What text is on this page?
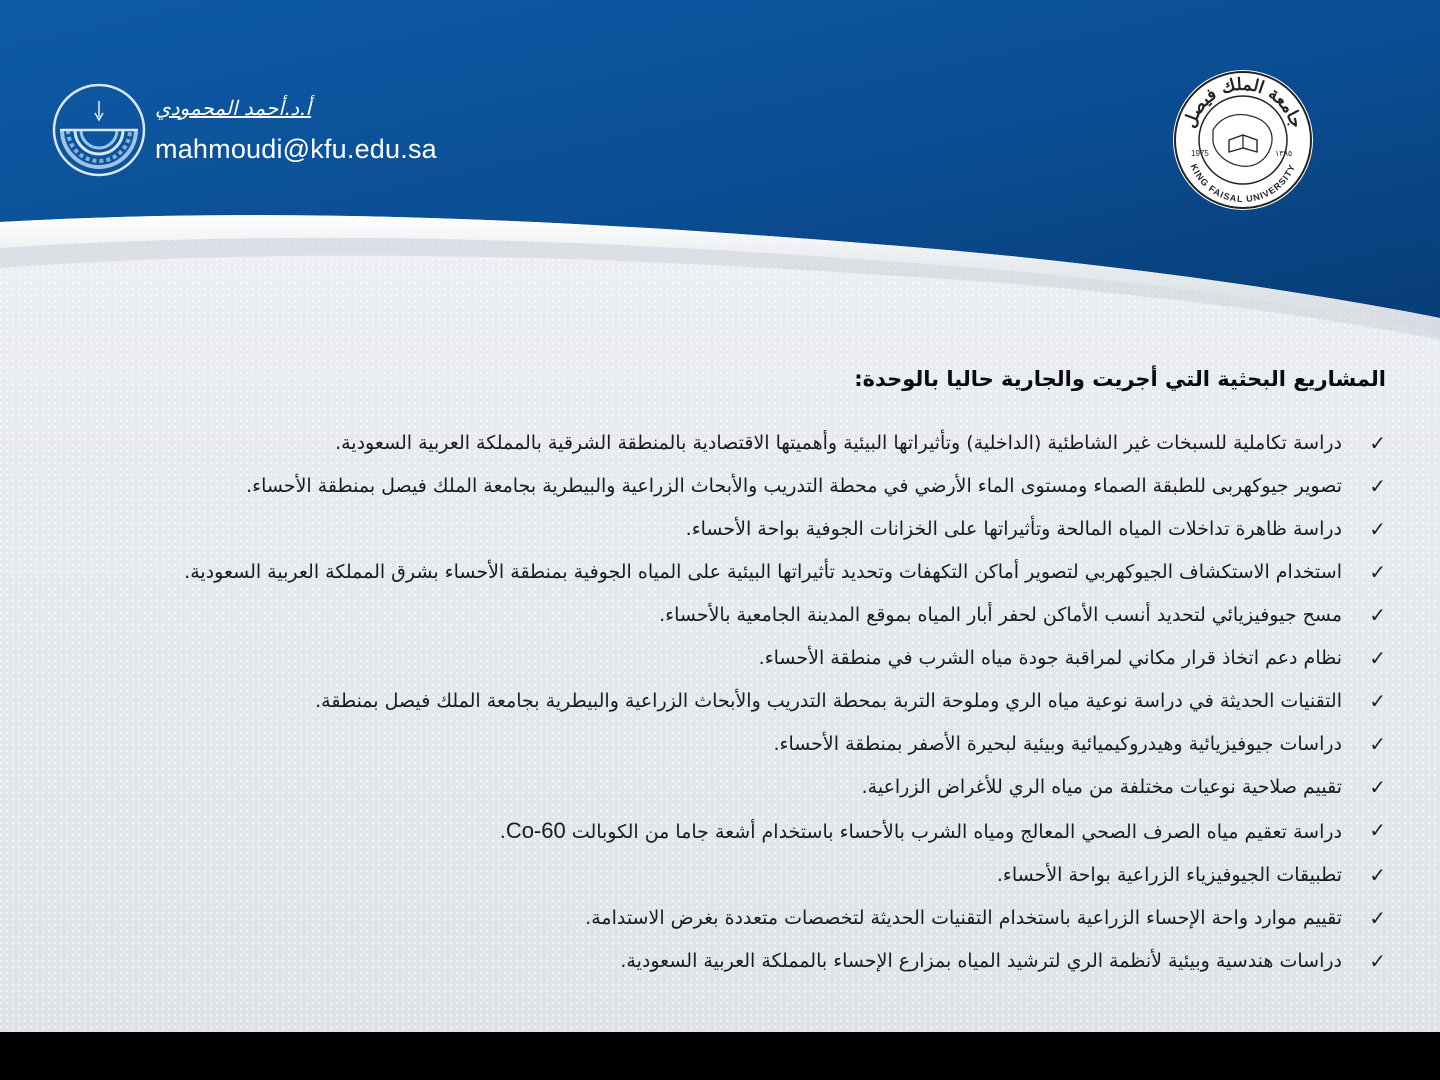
أ.د.أحمد المحمودي
mahmoudi@kfu.edu.sa
جامعة الملك فيصل
KING FAISAL UNIVERSITY
1975	١٣٩٥
المشاريع البحثية التي أجريت والجارية حاليا بالوحدة:
✓
دراسة تكاملية للسبخات غير الشاطئية (الداخلية) وتأثيراتها البيئية وأهميتها الاقتصادية بالمنطقة الشرقية بالمملكة العربية السعودية.
✓
تصوير جيوكهربى للطبقة الصماء ومستوى الماء الأرضي في محطة التدريب والأبحاث الزراعية والبيطرية بجامعة الملك فيصل بمنطقة الأحساء.
✓
دراسة ظاهرة تداخلات المياه المالحة وتأثيراتها على الخزانات الجوفية بواحة الأحساء.
✓
استخدام الاستكشاف الجيوكهربي لتصوير أماكن التكهفات وتحديد تأثيراتها البيئية على المياه الجوفية بمنطقة الأحساء بشرق المملكة العربية السعودية.
✓
مسح جيوفيزيائي لتحديد أنسب الأماكن لحفر أبار المياه بموقع المدينة الجامعية بالأحساء.
✓
نظام دعم اتخاذ قرار مكاني لمراقبة جودة مياه الشرب في منطقة الأحساء.
✓
التقنيات الحديثة في دراسة نوعية مياه الري وملوحة التربة بمحطة التدريب والأبحاث الزراعية والبيطرية بجامعة الملك فيصل بمنطقة.
✓
دراسات جيوفيزيائية وهيدروكيميائية وبيئية لبحيرة الأصفر بمنطقة الأحساء.
✓
تقييم صلاحية نوعيات مختلفة من مياه الري للأغراض الزراعية.
✓
دراسة تعقيم مياه الصرف الصحي المعالج ومياه الشرب بالأحساء باستخدام أشعة جاما من الكوبالت Co-60.
✓
تطبيقات الجيوفيزياء الزراعية بواحة الأحساء.
✓
تقييم موارد واحة الإحساء الزراعية باستخدام التقنيات الحديثة لتخصصات متعددة بغرض الاستدامة.
✓
دراسات هندسية وبيئية لأنظمة الري لترشيد المياه بمزارع الإحساء بالمملكة العربية السعودية.
